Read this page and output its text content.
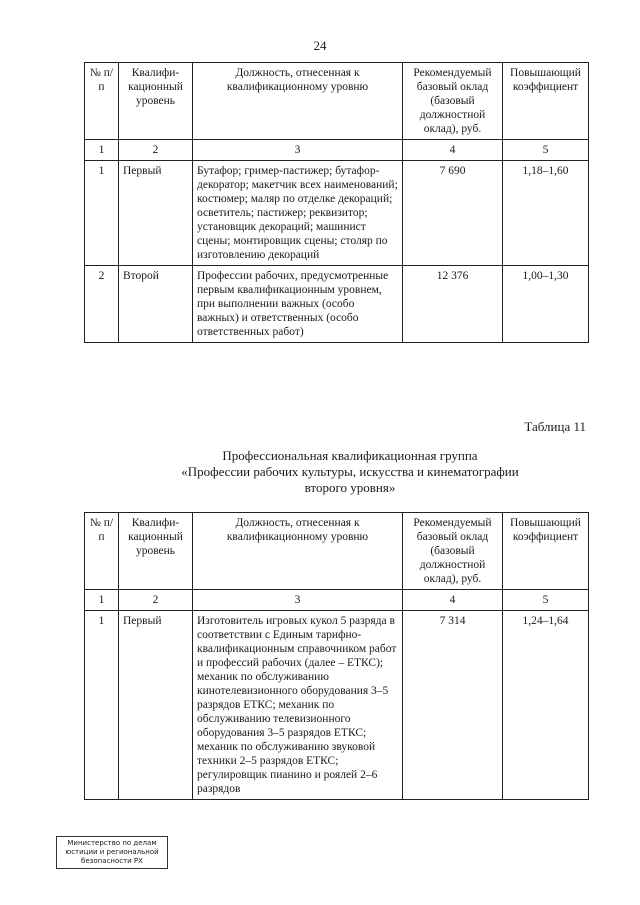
24
№ п/п	Квалифи- кационный уровень	Должность, отнесенная к квалификационному уровню	Рекомендуемый базовый оклад (базовый должностной оклад), руб.	Повышающий коэффициент
1	2	3	4	5
1	Первый	Бутафор; гример-пастижер; бутафор-декоратор; макетчик всех наименований; костюмер; маляр по отделке декораций; осветитель; пастижер; реквизитор; установщик декораций; машинист сцены; монтировщик сцены; столяр по изготовлению декораций	7 690	1,18–1,60
2	Второй	Профессии рабочих, предусмотренные первым квалификационным уровнем, при выполнении важных (особо важных) и ответственных (особо ответственных работ)	12 376	1,00–1,30
Таблица 11
Профессиональная квалификационная группа
«Профессии рабочих культуры, искусства и кинематографии
второго уровня»
№ п/п	Квалифи- кационный уровень	Должность, отнесенная к квалификационному уровню	Рекомендуемый базовый оклад (базовый должностной оклад), руб.	Повышающий коэффициент
1	2	3	4	5
1	Первый	Изготовитель игровых кукол 5 разряда в соответствии с Единым тарифно-квалификационным справочником работ и профессий рабочих (далее – ЕТКС); механик по обслуживанию кинотелевизионного оборудования 3–5 разрядов ЕТКС; механик по обслуживанию телевизионного оборудования 3–5 разрядов ЕТКС; механик по обслуживанию звуковой техники 2–5 разрядов ЕТКС; регулировщик пианино и роялей 2–6 разрядов	7 314	1,24–1,64
Министерство по делам
юстиции и региональной
безопасности РХ
